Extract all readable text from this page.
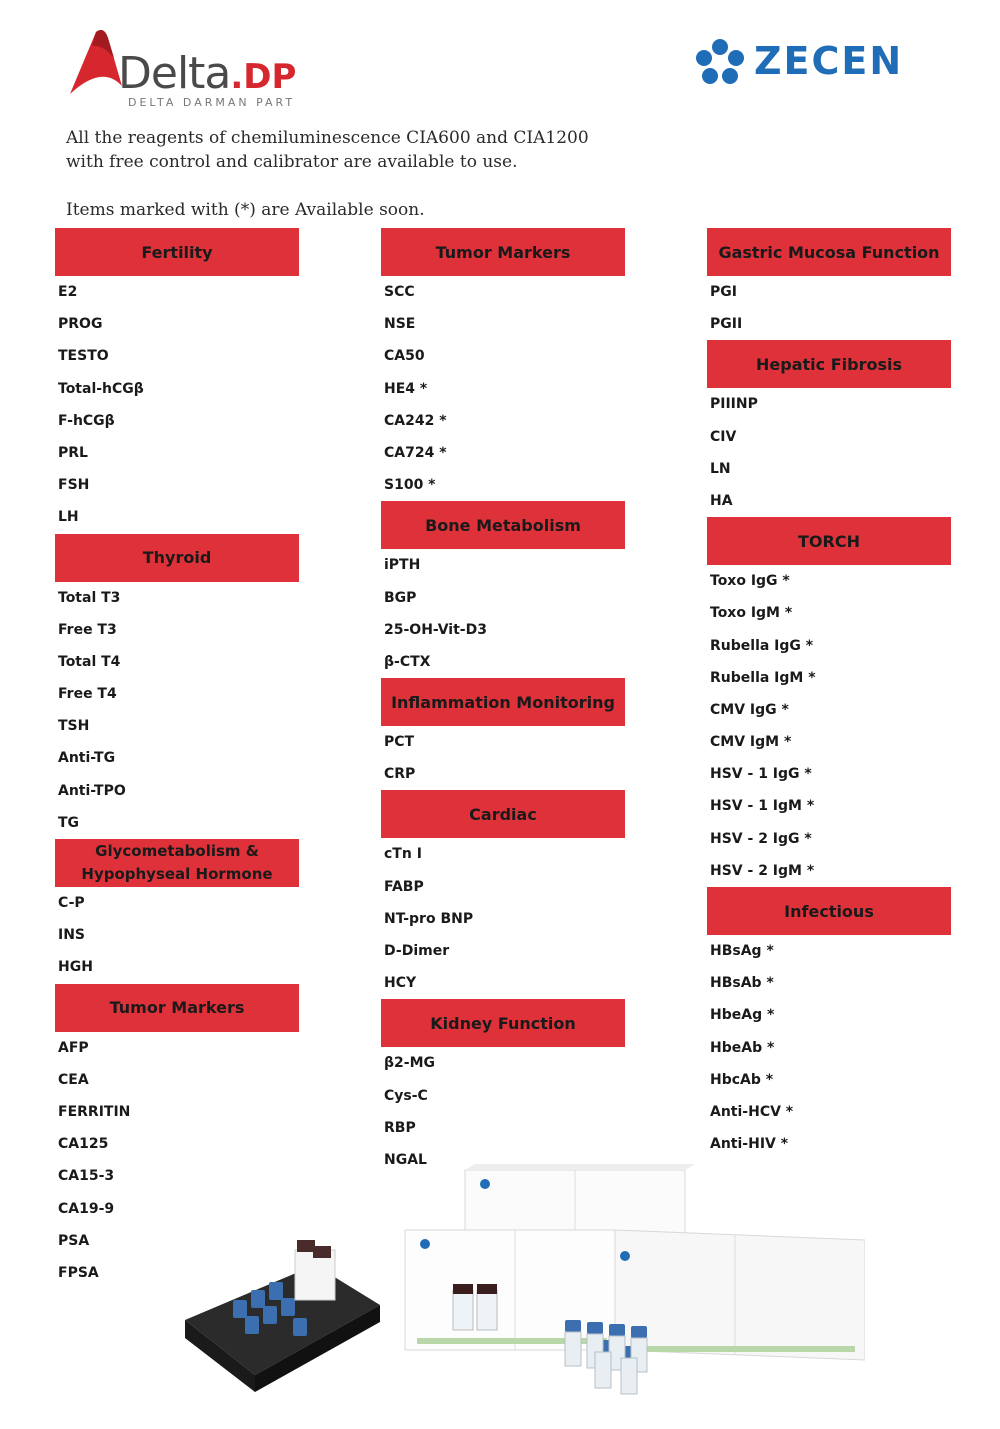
Delta.DP
DELTA DARMAN PART
ZECEN

All the reagents of chemiluminescence CIA600 and CIA1200

with free control and calibrator are available to use.

Items marked with (*) are Available soon.

Fertility
E2
PROG
TESTO
Total-hCGβ
F-hCGβ
PRL
FSH
LH
Thyroid
Total T3
Free T3
Total T4
Free T4
TSH
Anti-TG
Anti-TPO
TG
Glycometabolism & Hypophyseal Hormone
C-P
INS
HGH
Tumor Markers
AFP
CEA
FERRITIN
CA125
CA15-3
CA19-9
PSA
FPSA
Tumor Markers
SCC
NSE
CA50
HE4 *
CA242 *
CA724 *
S100 *
Bone Metabolism
iPTH
BGP
25-OH-Vit-D3
β-CTX
Inflammation Monitoring
PCT
CRP
Cardiac
cTn I
FABP
NT-pro BNP
D-Dimer
HCY
Kidney Function
β2-MG
Cys-C
RBP
NGAL
Gastric Mucosa Function
PGI
PGII
Hepatic Fibrosis
PIIINP
CIV
LN
HA
TORCH
Toxo IgG *
Toxo IgM *
Rubella IgG *
Rubella IgM *
CMV IgG *
CMV IgM *
HSV - 1 IgG *
HSV - 1 IgM *
HSV - 2 IgG *
HSV - 2 IgM *
Infectious
HBsAg *
HBsAb *
HbeAg *
HbeAb *
HbcAb *
Anti-HCV *
Anti-HIV *
